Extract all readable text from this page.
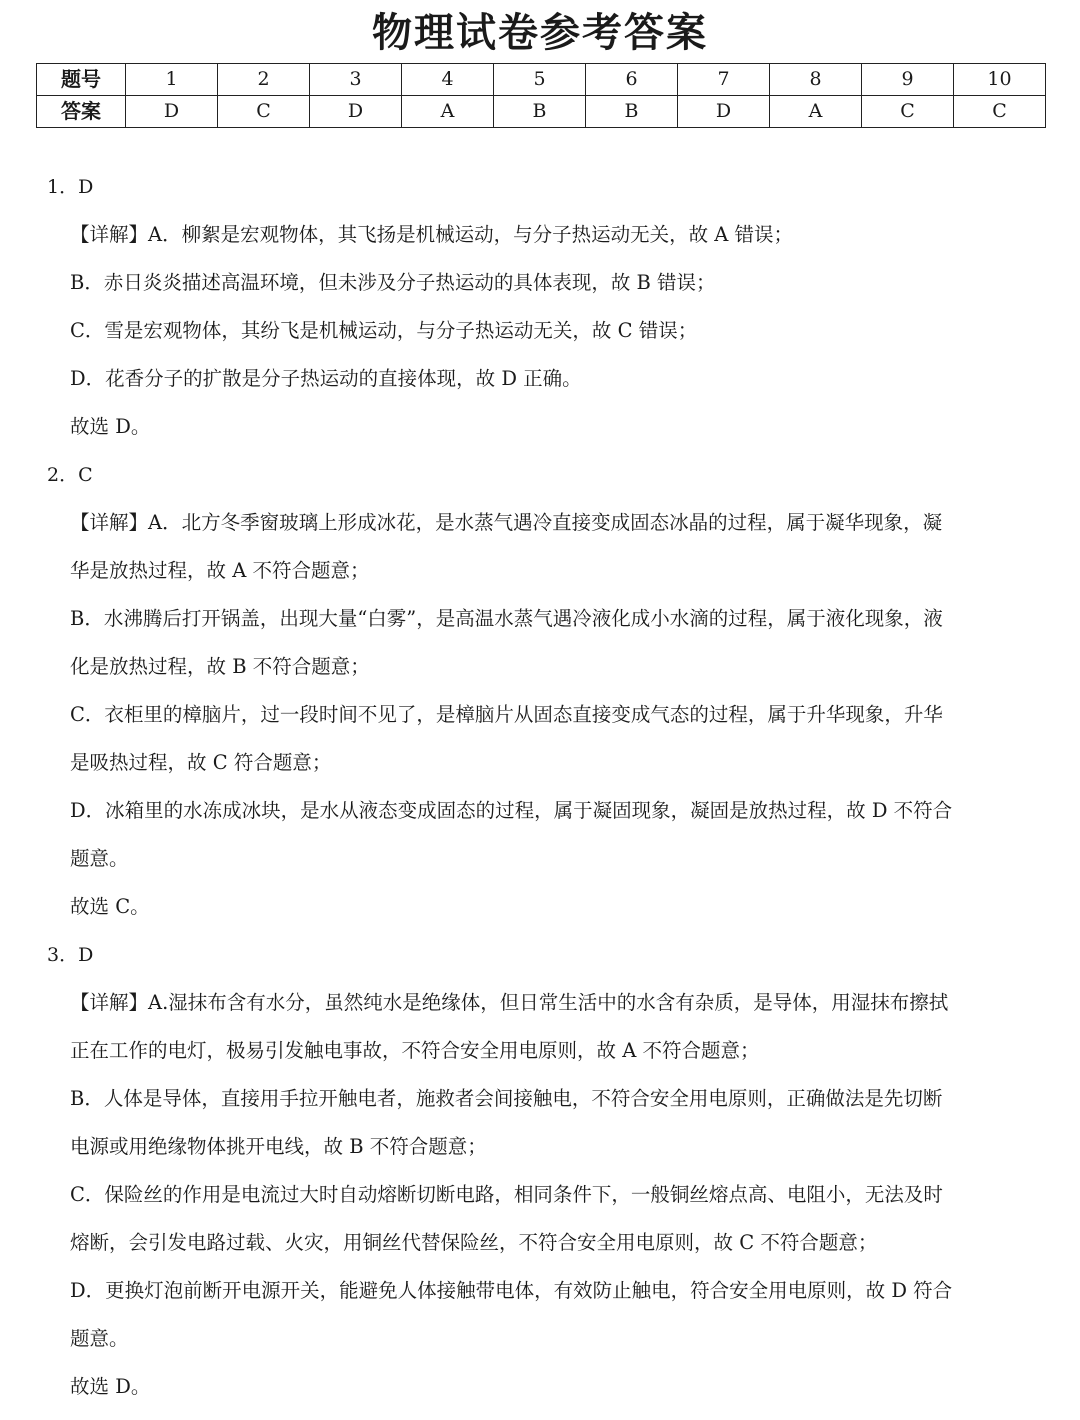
物理试卷参考答案
题号	1	2	3	4	5	6	7	8	9	10
答案	D	C	D	A	B	B	D	A	C	C
1．D
【详解】A．柳絮是宏观物体，其飞扬是机械运动，与分子热运动无关，故 A 错误；
B．赤日炎炎描述高温环境，但未涉及分子热运动的具体表现，故 B 错误；
C．雪是宏观物体，其纷飞是机械运动，与分子热运动无关，故 C 错误；
D．花香分子的扩散是分子热运动的直接体现，故 D 正确。
故选 D。
2．C
【详解】A．北方冬季窗玻璃上形成冰花，是水蒸气遇冷直接变成固态冰晶的过程，属于凝华现象，凝
华是放热过程，故 A 不符合题意；
B．水沸腾后打开锅盖，出现大量“白雾”，是高温水蒸气遇冷液化成小水滴的过程，属于液化现象，液
化是放热过程，故 B 不符合题意；
C．衣柜里的樟脑片，过一段时间不见了，是樟脑片从固态直接变成气态的过程，属于升华现象，升华
是吸热过程，故 C 符合题意；
D．冰箱里的水冻成冰块，是水从液态变成固态的过程，属于凝固现象，凝固是放热过程，故 D 不符合
题意。
故选 C。
3．D
【详解】A.湿抹布含有水分，虽然纯水是绝缘体，但日常生活中的水含有杂质，是导体，用湿抹布擦拭
正在工作的电灯，极易引发触电事故，不符合安全用电原则，故 A 不符合题意；
B．人体是导体，直接用手拉开触电者，施救者会间接触电，不符合安全用电原则，正确做法是先切断
电源或用绝缘物体挑开电线，故 B 不符合题意；
C．保险丝的作用是电流过大时自动熔断切断电路，相同条件下，一般铜丝熔点高、电阻小，无法及时
熔断，会引发电路过载、火灾，用铜丝代替保险丝，不符合安全用电原则，故 C 不符合题意；
D．更换灯泡前断开电源开关，能避免人体接触带电体，有效防止触电，符合安全用电原则，故 D 符合
题意。
故选 D。
